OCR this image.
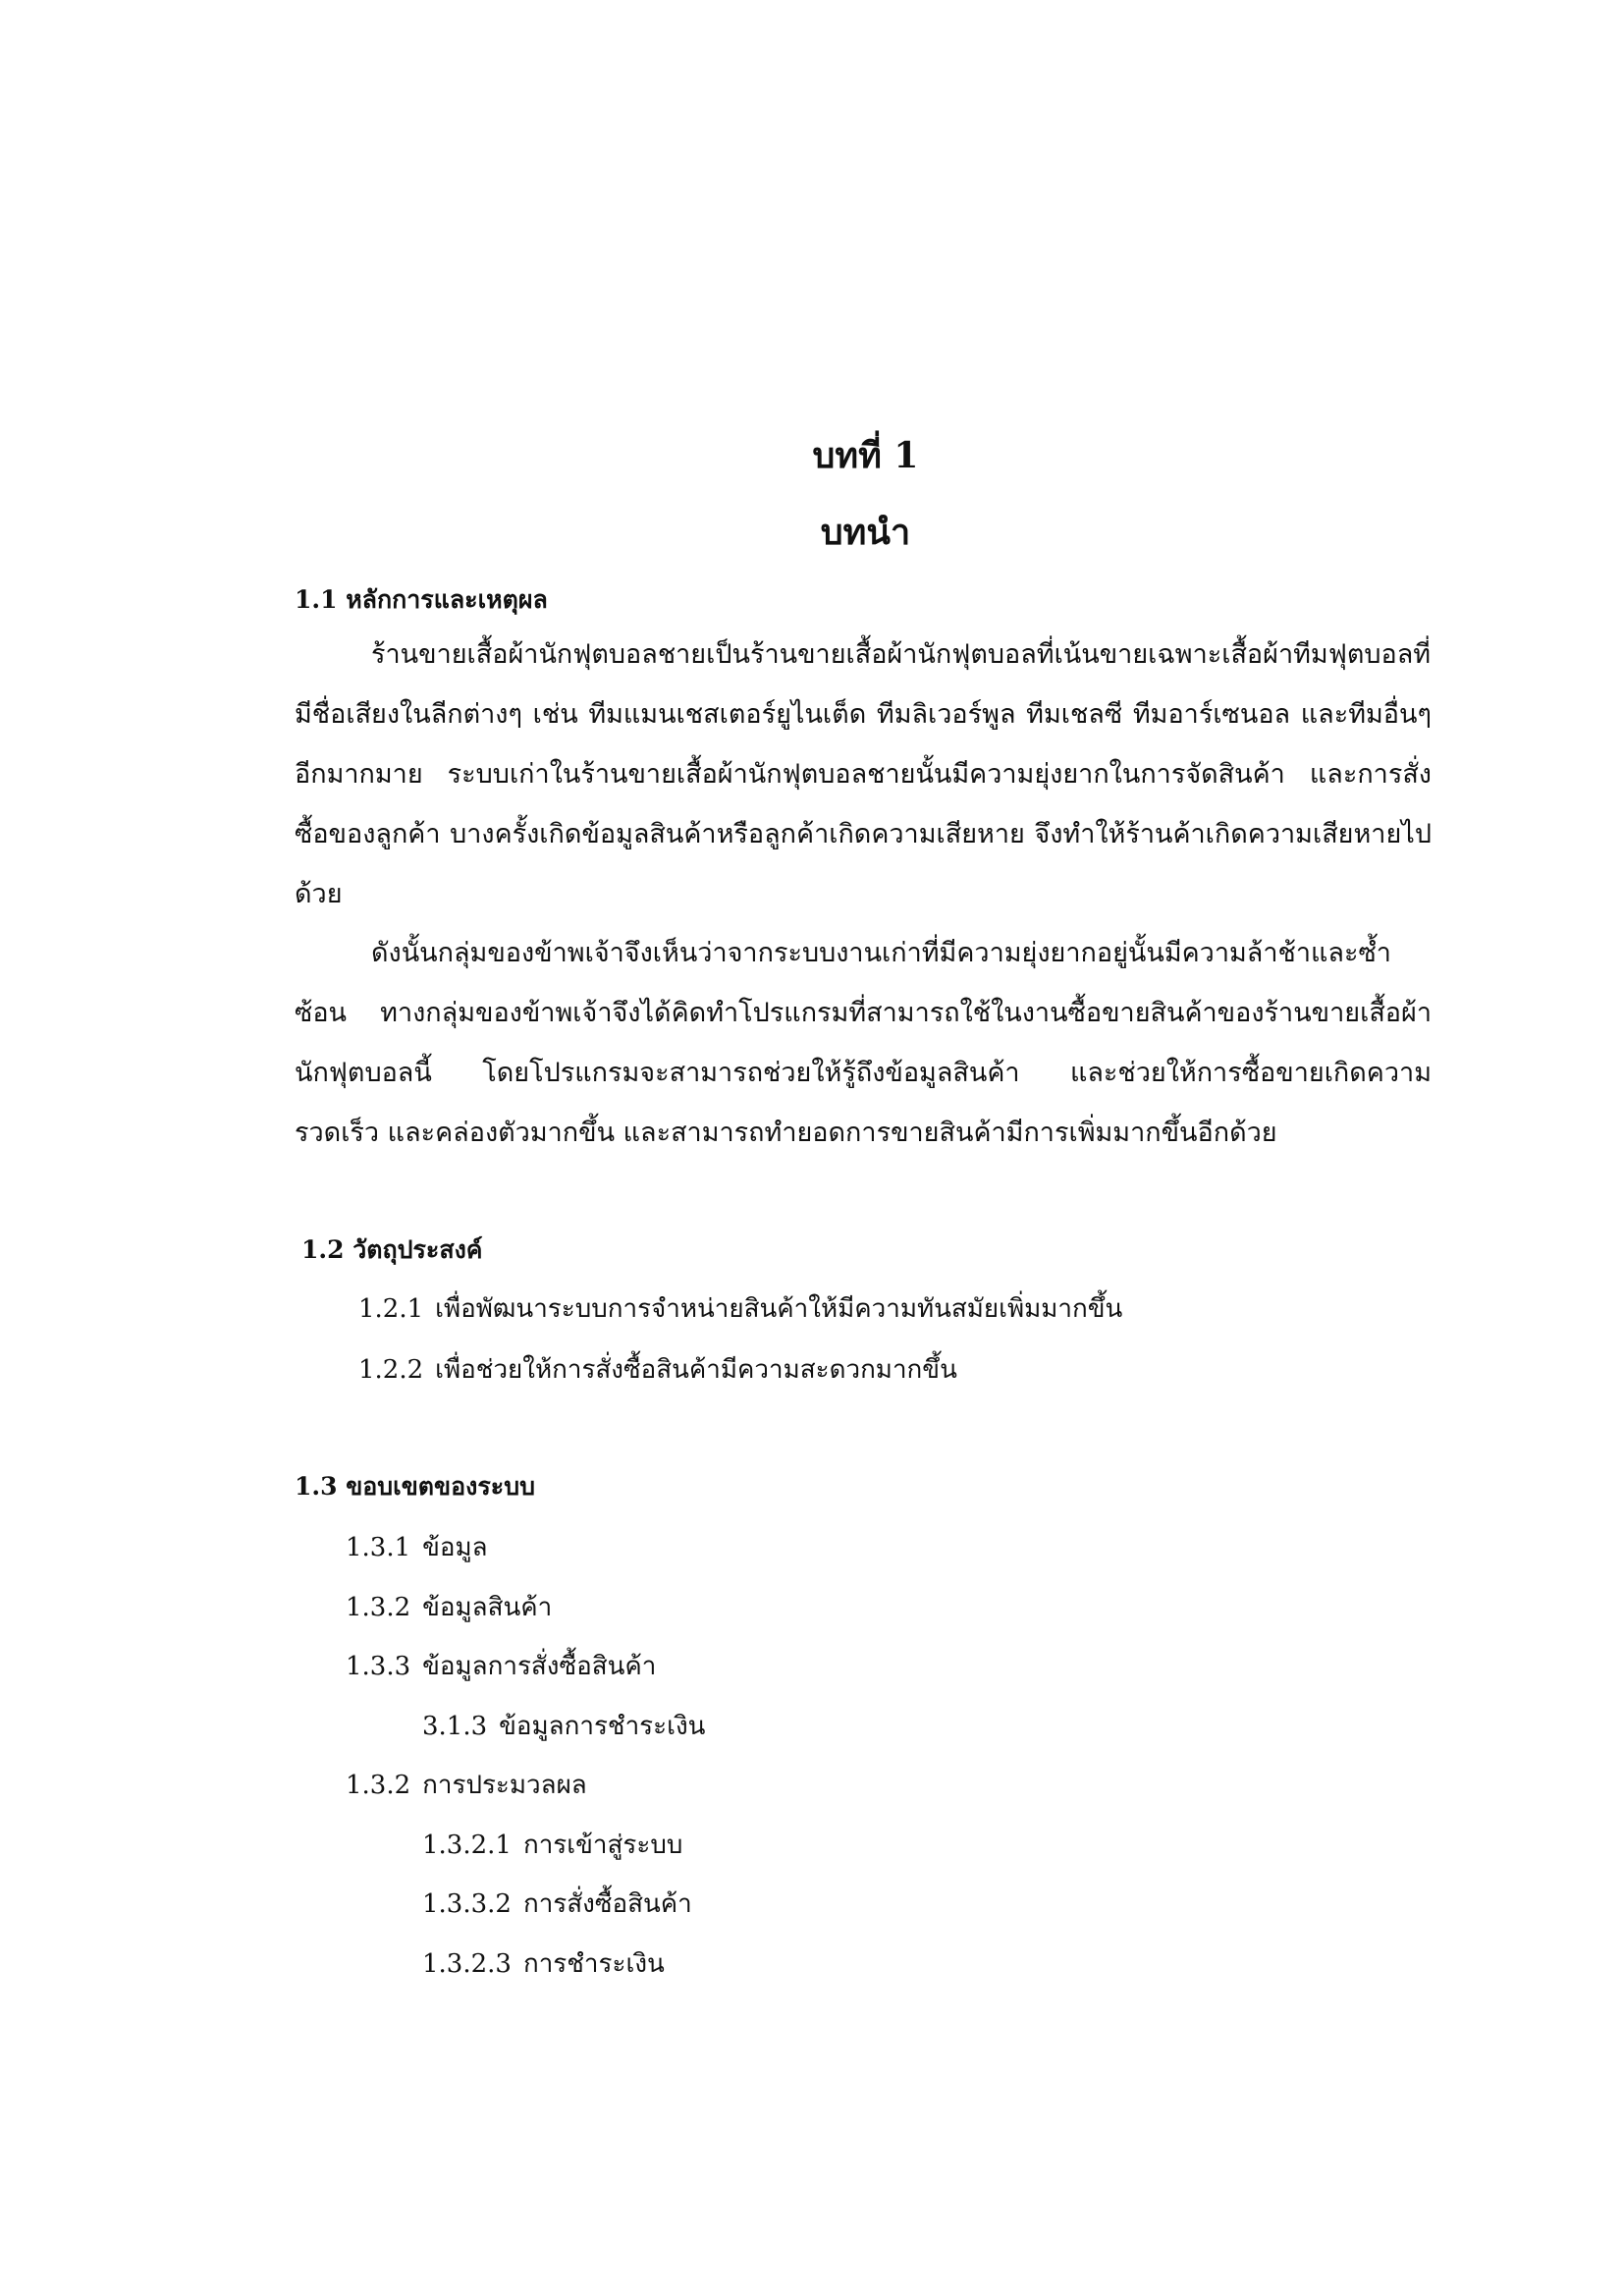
บทที่ 1
บทนำ
1.1 หลักการและเหตุผล

ร้านขายเสื้อผ้านักฟุตบอลชายเป็นร้านขายเสื้อผ้านักฟุตบอลที่เน้นขายเฉพาะเสื้อผ้าทีมฟุตบอลที่มีชื่อเสียงในลีกต่างๆ เช่น ทีมแมนเชสเตอร์ยูไนเต็ด ทีมลิเวอร์พูล ทีมเชลซี ทีมอาร์เซนอล และทีมอื่นๆอีกมากมาย ระบบเก่าในร้านขายเสื้อผ้านักฟุตบอลชายนั้นมีความยุ่งยากในการจัดสินค้า และการสั่งซื้อของลูกค้า บางครั้งเกิดข้อมูลสินค้าหรือลูกค้าเกิดความเสียหาย จึงทำให้ร้านค้าเกิดความเสียหายไปด้วย

ดังนั้นกลุ่มของข้าพเจ้าจึงเห็นว่าจากระบบงานเก่าที่มีความยุ่งยากอยู่นั้นมีความล้าช้าและซ้ำซ้อน ทางกลุ่มของข้าพเจ้าจึงได้คิดทำโปรแกรมที่สามารถใช้ในงานซื้อขายสินค้าของร้านขายเสื้อผ้านักฟุตบอลนี้ โดยโปรแกรมจะสามารถช่วยให้รู้ถึงข้อมูลสินค้า และช่วยให้การซื้อขายเกิดความรวดเร็ว และคล่องตัวมากขึ้น และสามารถทำยอดการขายสินค้ามีการเพิ่มมากขึ้นอีกด้วย

1.2 วัตถุประสงค์

1.2.1 เพื่อพัฒนาระบบการจำหน่ายสินค้าให้มีความทันสมัยเพิ่มมากขึ้น

1.2.2 เพื่อช่วยให้การสั่งซื้อสินค้ามีความสะดวกมากขึ้น

1.3 ขอบเขตของระบบ

1.3.1 ข้อมูล

1.3.2 ข้อมูลสินค้า

1.3.3 ข้อมูลการสั่งซื้อสินค้า

3.1.3 ข้อมูลการชำระเงิน

1.3.2 การประมวลผล

1.3.2.1 การเข้าสู่ระบบ

1.3.3.2 การสั่งซื้อสินค้า

1.3.2.3 การชำระเงิน
